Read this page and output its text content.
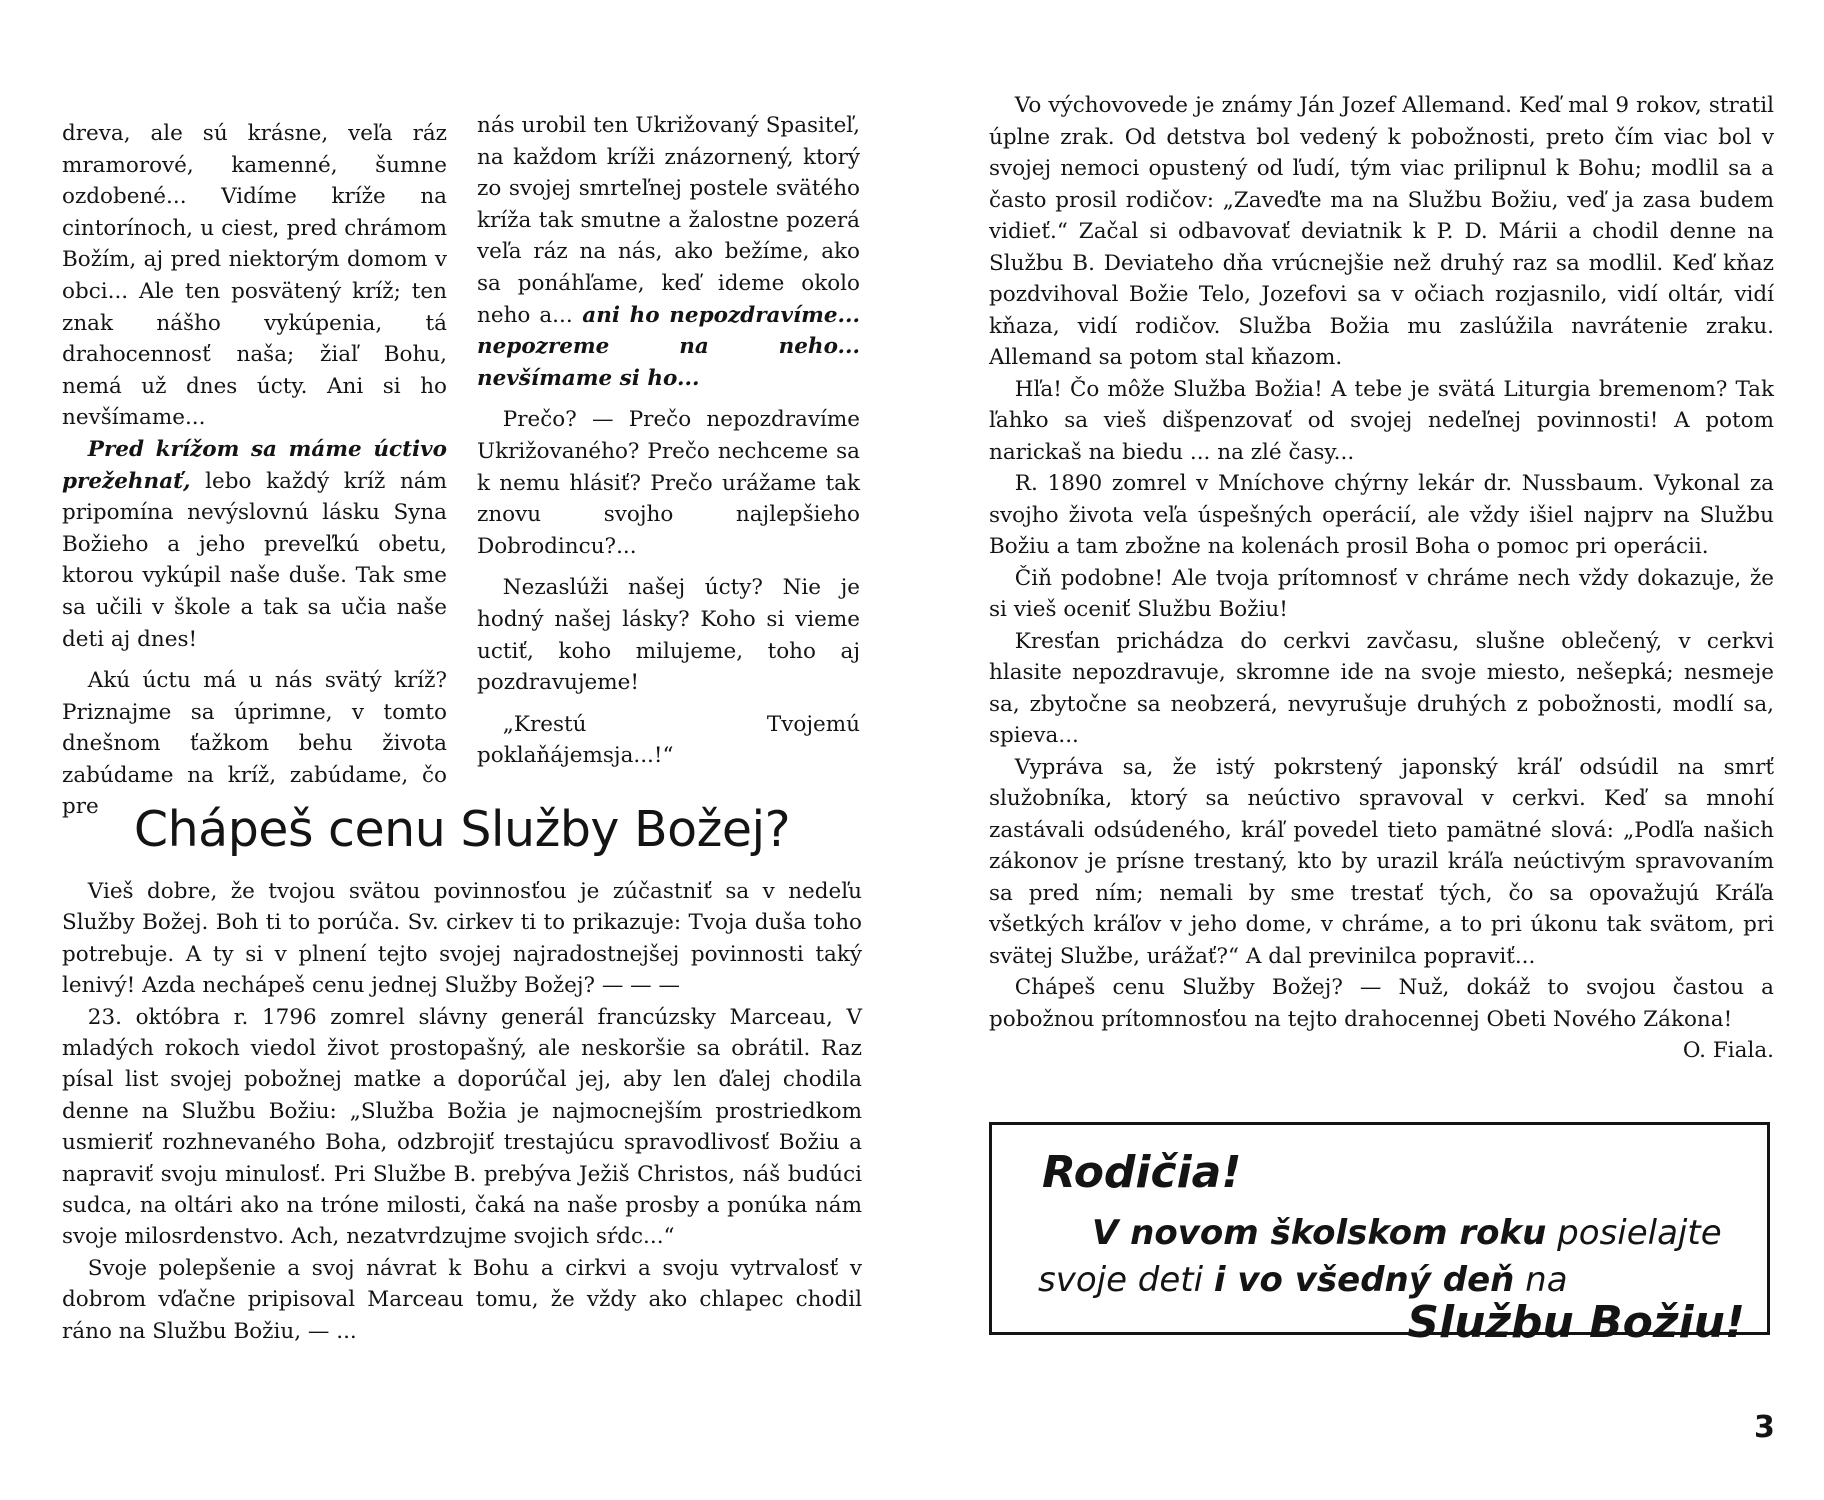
dreva, ale sú krásne, veľa ráz mramorové, kamenné, šumne ozdobené... Vidíme kríže na cintorínoch, u ciest, pred chrámom Božím, aj pred niektorým domom v obci... Ale ten posvätený kríž; ten znak nášho vykúpenia, tá drahocennosť naša; žiaľ Bohu, nemá už dnes úcty. Ani si ho nevšímame...

Pred krížom sa máme úctivo prežehnať, lebo každý kríž nám pripomína nevýslovnú lásku Syna Božieho a jeho preveľkú obetu, ktorou vykúpil naše duše. Tak sme sa učili v škole a tak sa učia naše deti aj dnes!

Akú úctu má u nás svätý kríž? Priznajme sa úprimne, v tomto dnešnom ťažkom behu života zabúdame na kríž, zabúdame, čo pre

nás urobil ten Ukrižovaný Spasiteľ, na každom kríži znázornený, ktorý zo svojej smrteľnej postele svätého kríža tak smutne a žalostne pozerá veľa ráz na nás, ako bežíme, ako sa ponáhľame, keď ideme okolo neho a... ani ho nepozdravíme... nepozreme na neho... nevšímame si ho...

Prečo? — Prečo nepozdravíme Ukrižovaného? Prečo nechceme sa k nemu hlásiť? Prečo urážame tak znovu svojho najlepšieho Dobrodincu?...

Nezaslúži našej úcty? Nie je hodný našej lásky? Koho si vieme uctiť, koho milujeme, toho aj pozdravujeme!

„Krestú Tvojemú poklaňájemsja...!“

Chápeš cenu Služby Božej?

Vieš dobre, že tvojou svätou povinnosťou je zúčastniť sa v nedeľu Služby Božej. Boh ti to porúča. Sv. cirkev ti to prikazuje: Tvoja duša toho potrebuje. A ty si v plnení tejto svojej najradostnejšej povinnosti taký lenivý! Azda nechápeš cenu jednej Služby Božej? — — —

23. októbra r. 1796 zomrel slávny generál francúzsky Marceau, V mladých rokoch viedol život prostopašný, ale neskoršie sa obrátil. Raz písal list svojej pobožnej matke a doporúčal jej, aby len ďalej chodila denne na Službu Božiu: „Služba Božia je najmocnejším prostriedkom usmieriť rozhnevaného Boha, odzbrojiť trestajúcu spravodlivosť Božiu a napraviť svoju minulosť. Pri Službe B. prebýva Ježiš Christos, náš budúci sudca, na oltári ako na tróne milosti, čaká na naše prosby a ponúka nám svoje milosrdenstvo. Ach, nezatvrdzujme svojich sŕdc...“

Svoje polepšenie a svoj návrat k Bohu a cirkvi a svoju vytrvalosť v dobrom vďačne pripisoval Marceau tomu, že vždy ako chlapec chodil ráno na Službu Božiu, — ...

Vo výchovovede je známy Ján Jozef Allemand. Keď mal 9 rokov, stratil úplne zrak. Od detstva bol vedený k pobožnosti, preto čím viac bol v svojej nemoci opustený od ľudí, tým viac prilipnul k Bohu; modlil sa a často prosil rodičov: „Zaveďte ma na Službu Božiu, veď ja zasa budem vidieť.“ Začal si odbavovať deviatnik k P. D. Márii a chodil denne na Službu B. Deviateho dňa vrúcnejšie než druhý raz sa modlil. Keď kňaz pozdvihoval Božie Telo, Jozefovi sa v očiach rozjasnilo, vidí oltár, vidí kňaza, vidí rodičov. Služba Božia mu zaslúžila navrátenie zraku. Allemand sa potom stal kňazom.

Hľa! Čo môže Služba Božia! A tebe je svätá Liturgia bremenom? Tak ľahko sa vieš dišpenzovať od svojej nedeľnej povinnosti! A potom narickaš na biedu ... na zlé časy...

R. 1890 zomrel v Mníchove chýrny lekár dr. Nussbaum. Vykonal za svojho života veľa úspešných operácií, ale vždy išiel najprv na Službu Božiu a tam zbožne na kolenách prosil Boha o pomoc pri operácii.

Čiň podobne! Ale tvoja prítomnosť v chráme nech vždy dokazuje, že si vieš oceniť Službu Božiu!

Kresťan prichádza do cerkvi zavčasu, slušne oblečený, v cerkvi hlasite nepozdravuje, skromne ide na svoje miesto, nešepká; nesmeje sa, zbytočne sa neobzerá, nevyrušuje druhých z pobožnosti, modlí sa, spieva...

Vypráva sa, že istý pokrstený japonský kráľ odsúdil na smrť služobníka, ktorý sa neúctivo spravoval v cerkvi. Keď sa mnohí zastávali odsúdeného, kráľ povedel tieto pamätné slová: „Podľa našich zákonov je prísne trestaný, kto by urazil kráľa neúctivým spravovaním sa pred ním; nemali by sme trestať tých, čo sa opovažujú Kráľa všetkých kráľov v jeho dome, v chráme, a to pri úkonu tak svätom, pri svätej Službe, urážať?“ A dal previnilca popraviť...

Chápeš cenu Služby Božej? — Nuž, dokáž to svojou častou a pobožnou prítomnosťou na tejto drahocennej Obeti Nového Zákona!

O. Fiala.

Rodičia!
V novom školskom roku posielajte
svoje deti i vo všedný deň na
Službu Božiu!
3
